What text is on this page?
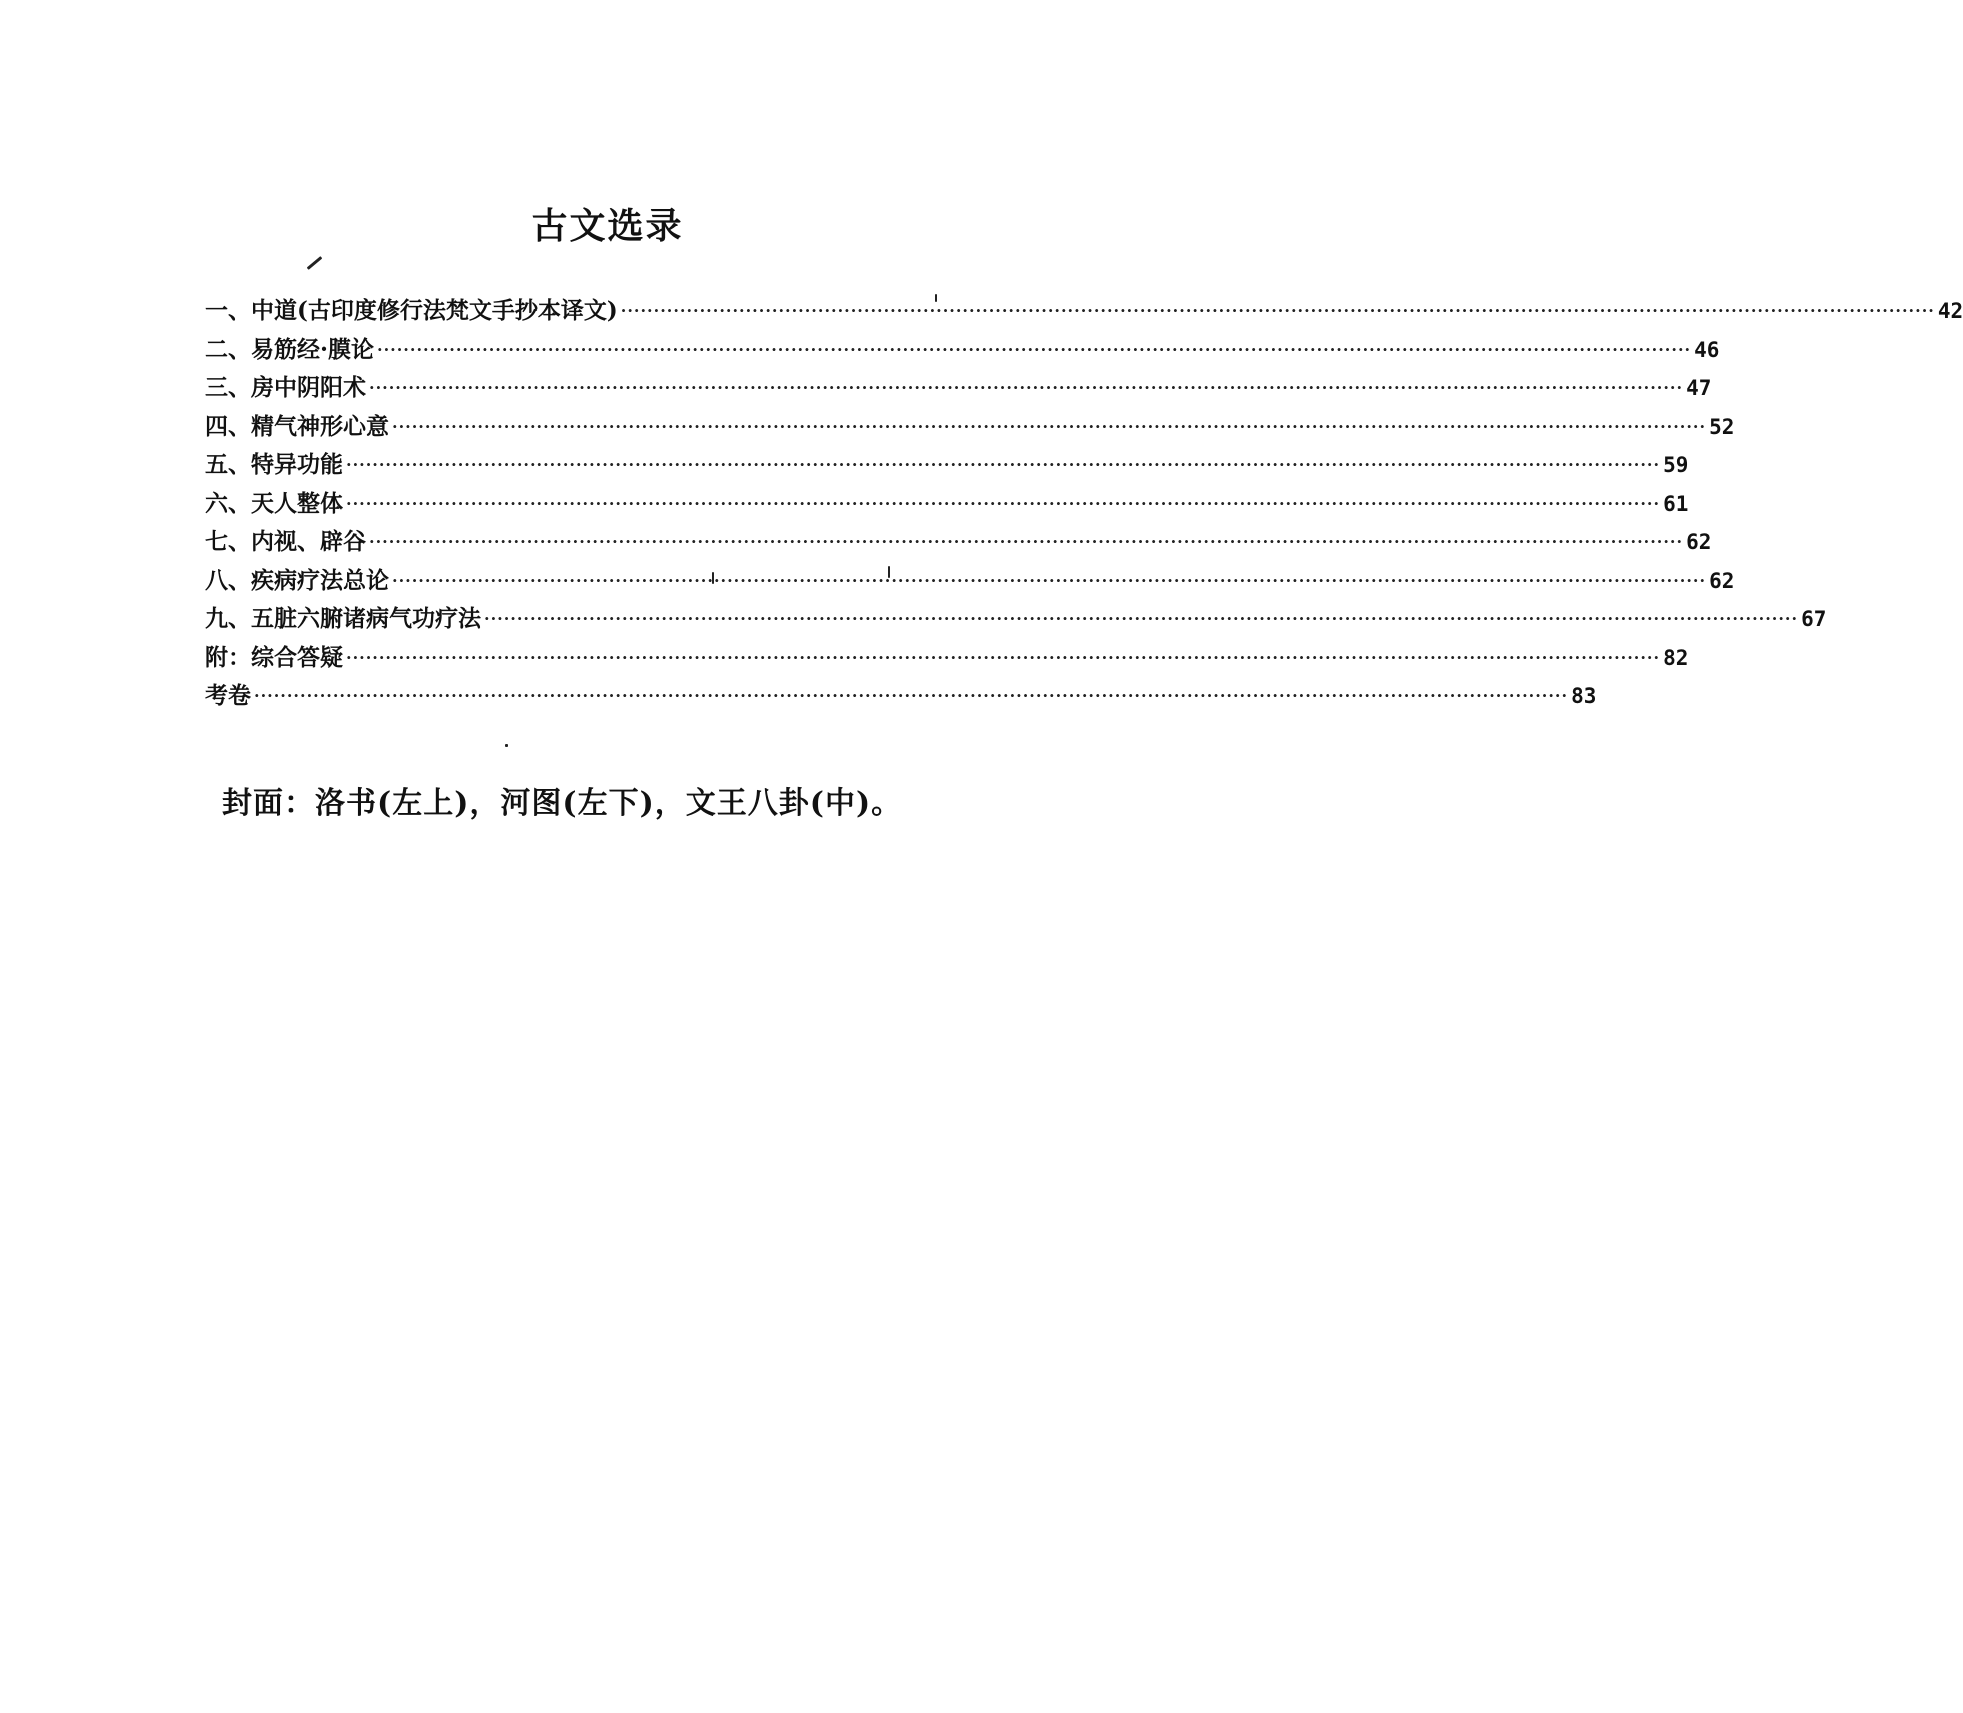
古文选录
一、中道(古印度修行法梵文手抄本译文) ········································································································································································································ 42
二、易筋经·膜论 ········································································································································································································ 46
三、房中阴阳术 ········································································································································································································ 47
四、精气神形心意 ········································································································································································································ 52
五、特异功能 ········································································································································································································ 59
六、天人整体 ········································································································································································································ 61
七、内视、辟谷 ········································································································································································································ 62
八、疾病疗法总论 ········································································································································································································ 62
九、五脏六腑诸病气功疗法 ········································································································································································································ 67
附：综合答疑 ········································································································································································································ 82
考卷 ········································································································································································································ 83
封面：洛书(左上)，河图(左下)，文王八卦(中)。
